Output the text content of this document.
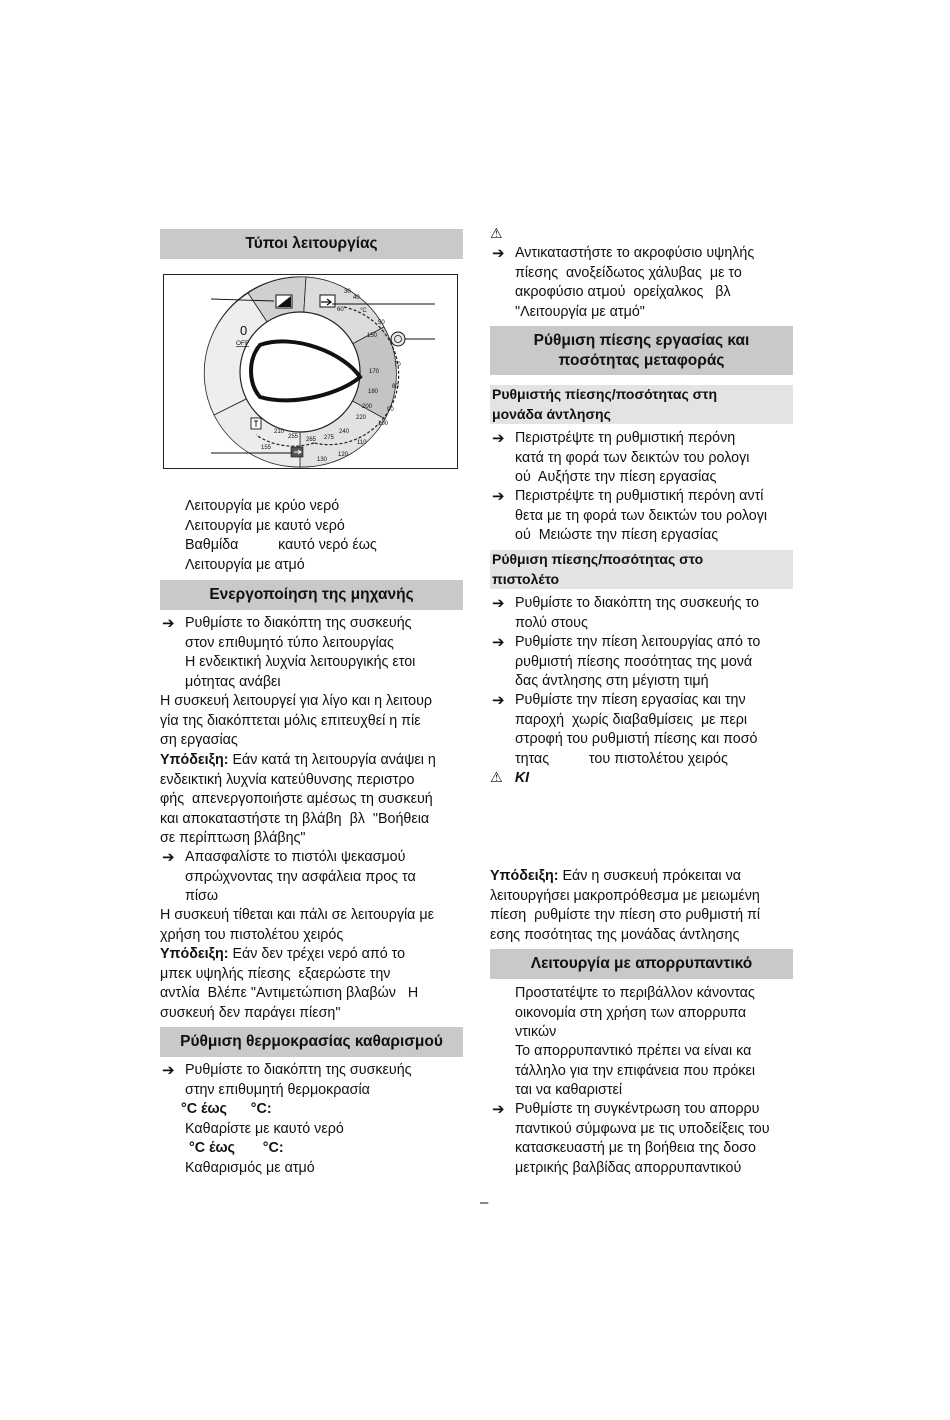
Τύποι λειτουργίας
0
OFF
30
40
60
50
°C
150
170
180
80
70
90
100
110
120
130
200
220
240
210
255 265 275
155
Λειτουργία με κρύο νερό
Λειτουργία με καυτό νερό
Βαθμίδα          καυτό νερό έως
Λειτουργία με ατμό
Ενεργοποίηση της μηχανής
➔ Ρυθμίστε το διακόπτη της συσκευής
στον επιθυμητό τύπο λειτουργίας
Η ενδεικτική λυχνία λειτουργικής ετοι
μότητας ανάβει
Η συσκευή λειτουργεί για λίγο και η λειτουρ
γία της διακόπτεται μόλις επιτευχθεί η πίε
ση εργασίας
Υπόδειξη: Εάν κατά τη λειτουργία ανάψει η
ενδεικτική λυχνία κατεύθυνσης περιστρο
φής  απενεργοποιήστε αμέσως τη συσκευή
και αποκαταστήστε τη βλάβη  βλ  "Βοήθεια
σε περίπτωση βλάβης"
➔ Απασφαλίστε το πιστόλι ψεκασμού
σπρώχνοντας την ασφάλεια προς τα
πίσω
Η συσκευή τίθεται και πάλι σε λειτουργία με
χρήση του πιστολέτου χειρός
Υπόδειξη: Εάν δεν τρέχει νερό από το
μπεκ υψηλής πίεσης  εξαερώστε την
αντλία  Βλέπε "Αντιμετώπιση βλαβών   Η
συσκευή δεν παράγει πίεση"
Ρύθμιση θερμοκρασίας καθαρισμού
➔ Ρυθμίστε το διακόπτη της συσκευής
στην επιθυμητή θερμοκρασία
°C έως      °C:
Καθαρίστε με καυτό νερό
°C έως       °C:
Καθαρισμός με ατμό
⚠
➔ Αντικαταστήστε το ακροφύσιο υψηλής
πίεσης  ανοξείδωτος χάλυβας  με το
ακροφύσιο ατμού  ορείχαλκος   βλ
"Λειτουργία με ατμό"
Ρύθμιση πίεσης εργασίας και
ποσότητας μεταφοράς
Ρυθμιστής πίεσης/ποσότητας στη
μονάδα άντλησης
➔ Περιστρέψτε τη ρυθμιστική περόνη
κατά τη φορά των δεικτών του ρολογι
ού  Αυξήστε την πίεση εργασίας
➔ Περιστρέψτε τη ρυθμιστική περόνη αντί
θετα με τη φορά των δεικτών του ρολογι
ού  Μειώστε την πίεση εργασίας
Ρύθμιση πίεσης/ποσότητας στο
πιστολέτο
➔ Ρυθμίστε το διακόπτη της συσκευής το
πολύ στους
➔ Ρυθμίστε την πίεση λειτουργίας από το
ρυθμιστή πίεσης ποσότητας της μονά
δας άντλησης στη μέγιστη τιμή
➔ Ρυθμίστε την πίεση εργασίας και την
παροχή  χωρίς διαβαθμίσεις  με περι
στροφή του ρυθμιστή πίεσης και ποσό
τητας          του πιστολέτου χειρός
⚠ KI
Υπόδειξη: Εάν η συσκευή πρόκειται να
λειτουργήσει μακροπρόθεσμα με μειωμένη
πίεση  ρυθμίστε την πίεση στο ρυθμιστή πί
εσης ποσότητας της μονάδας άντλησης
Λειτουργία με απορρυπαντικό
Προστατέψτε το περιβάλλον κάνοντας
οικονομία στη χρήση των απορρυπα
ντικών
Το απορρυπαντικό πρέπει να είναι κα
τάλληλο για την επιφάνεια που πρόκει
ται να καθαριστεί
➔ Ρυθμίστε τη συγκέντρωση του απορρυ
παντικού σύμφωνα με τις υποδείξεις του
κατασκευαστή με τη βοήθεια της δοσο
μετρικής βαλβίδας απορρυπαντικού
–
